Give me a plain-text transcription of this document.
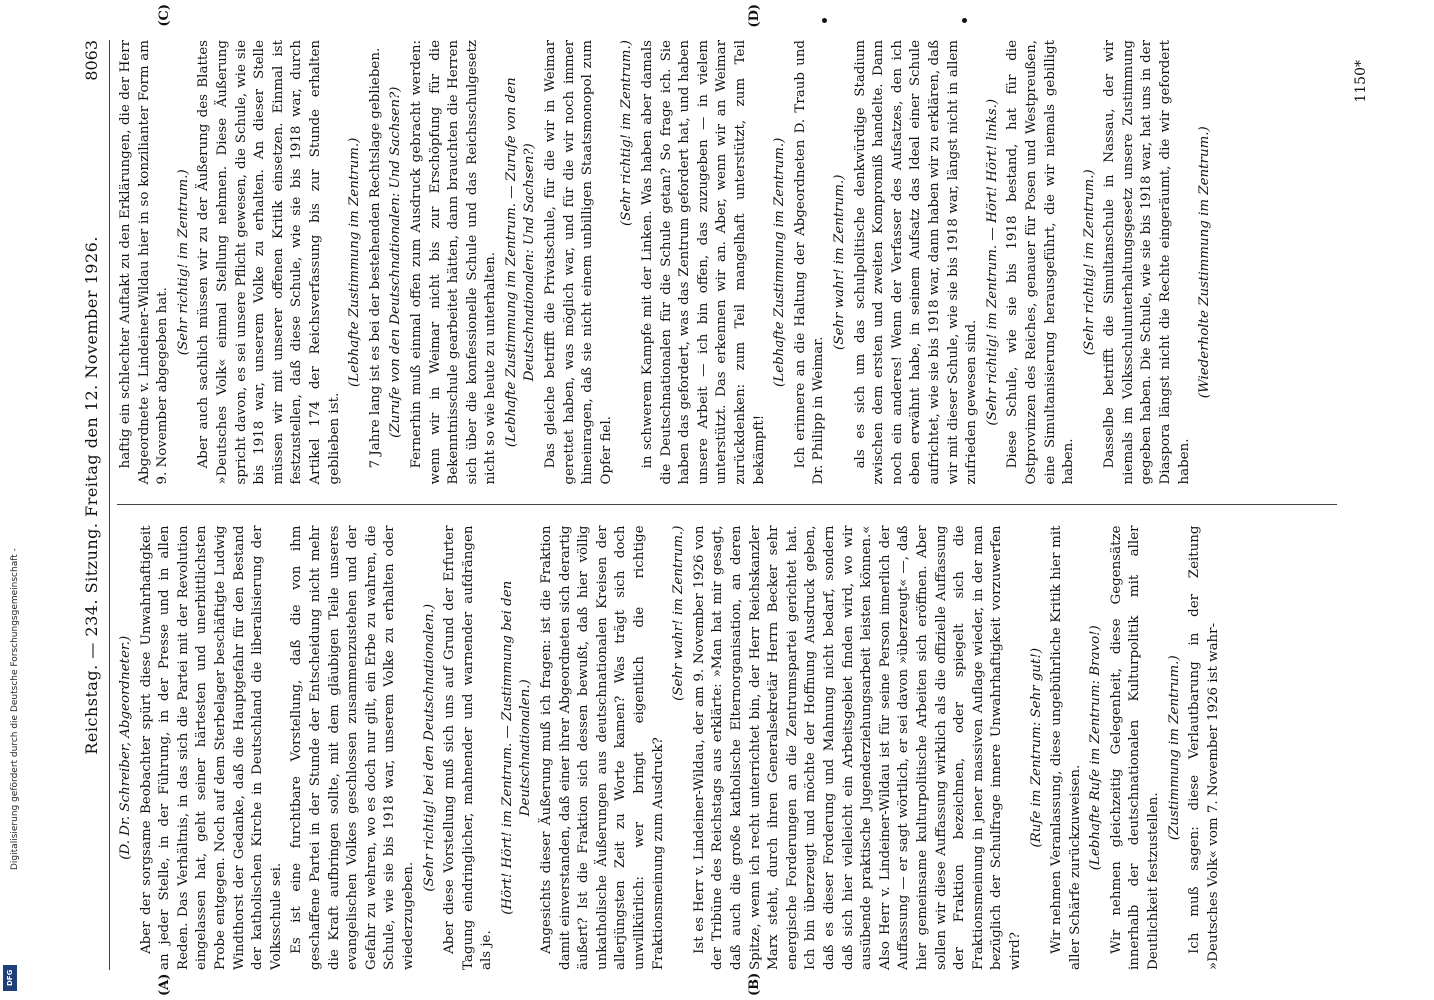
Digitalisierung gefördert durch die Deutsche Forschungsgemeinschaft -
DFG
Reichstag. — 234. Sitzung. Freitag den 12. November 1926.
8063

(D. Dr. Schreiber, Abgeordneter.) Aber der sorgsame Beobachter spürt diese Unwahrhaftigkeit an jeder Stelle, in der Führung, in der Presse und in allen Reden. Das Verhältnis, in das sich die Partei mit der Revolution eingelassen hat, geht seiner härtesten und unerbittlichsten Probe entgegen. Noch auf dem Sterbelager beschäftigte Ludwig Windthorst der Gedanke, daß die Hauptgefahr für den Bestand der katholischen Kirche in Deutschland die liberalisierung der Volksschule sei. Es ist eine furchtbare Vorstellung, daß die von ihm geschaffene Partei in der Stunde der Entscheidung nicht mehr die Kraft aufbringen sollte, mit dem gläubigen Teile unseres evangelischen Volkes geschlossen zusammenzustehen und der Gefahr zu wehren, wo es doch nur gilt, ein Erbe zu wahren, die Schule, wie sie bis 1918 war, unserem Volke zu erhalten oder wiederzugeben.

(Sehr richtig! bei den Deutschnationalen.) Aber diese Vorstellung muß sich uns auf Grund der Erfurter Tagung eindringlicher, mahnender und warnender aufdrängen als je.

(Hört! Hört! im Zentrum. — Zustimmung bei den Deutschnationalen.) Angesichts dieser Äußerung muß ich fragen: ist die Fraktion damit einverstanden, daß einer ihrer Abgeordneten sich derartig äußert? Ist die Fraktion sich dessen bewußt, daß hier völlig unkatholische Äußerungen aus deutschnationalen Kreisen der allerjüngsten Zeit zu Worte kamen? Was trägt sich doch unwillkürlich: wer bringt eigentlich die richtige Fraktionsmeinung zum Ausdruck?

(Sehr wahr! im Zentrum.) Ist es Herr v. Lindeiner-Wildau, der am 9. November 1926 von der Tribüne des Reichstags aus erklärte: »Man hat mir gesagt, daß auch die große katholische Elternorganisation, an deren Spitze, wenn ich recht unterrichtet bin, der Herr Reichskanzler Marx steht, durch ihren Generalsekretär Herrn Becker sehr energische Forderungen an die Zentrumspartei gerichtet hat. Ich bin überzeugt und möchte der Hoffnung Ausdruck geben, daß es dieser Forderung und Mahnung nicht bedarf, sondern daß sich hier vielleicht ein Arbeitsgebiet finden wird, wo wir ausübende praktische Jugenderziehungsarbeit leisten können.« Also Herr v. Lindeiner-Wildau ist für seine Person innerlich der Auffassung — er sagt wörtlich, er sei davon »überzeugt« —, daß hier gemeinsame kulturpolitische Arbeiten sich eröffnen. Aber sollen wir diese Auffassung wirklich als die offizielle Auffassung der Fraktion bezeichnen, oder spiegelt sich die Fraktionsmeinung in jener massiven Auflage wieder, in der man bezüglich der Schulfrage innere Unwahrhaftigkeit vorzuwerfen wird?

(Rufe im Zentrum: Sehr gut!) Wir nehmen Veranlassung, diese ungebührliche Kritik hier mit aller Schärfe zurückzuweisen. (Lebhafte Rufe im Zentrum: Bravo!) Wir nehmen gleichzeitig Gelegenheit, diese Gegensätze innerhalb der deutschnationalen Kulturpolitik mit aller Deutlichkeit festzustellen.

(Zustimmung im Zentrum.) Ich muß sagen: diese Verlautbarung in der Zeitung »Deutsches Volk« vom 7. November 1926 ist wahr-

haftig ein schlechter Auftakt zu den Erklärungen, die der Herr Abgeordnete v. Lindeiner-Wildau hier in so konzilianter Form am 9. November abgegeben hat.

(Sehr richtig! im Zentrum.) Aber auch sachlich müssen wir zu der Äußerung des Blattes »Deutsches Volk« einmal Stellung nehmen. Diese Äußerung spricht davon, es sei unsere Pflicht gewesen, die Schule, wie sie bis 1918 war, unserem Volke zu erhalten. An dieser Stelle müssen wir mit unserer offenen Kritik einsetzen. Einmal ist festzustellen, daß diese Schule, wie sie bis 1918 war, durch Artikel 174 der Reichsverfassung bis zur Stunde erhalten geblieben ist.

(Lebhafte Zustimmung im Zentrum.) 7 Jahre lang ist es bei der bestehenden Rechtslage geblieben. (Zurufe von den Deutschnationalen: Und Sachsen?) Fernerhin muß einmal offen zum Ausdruck gebracht werden: wenn wir in Weimar nicht bis zur Erschöpfung für die Bekenntnisschule gearbeitet hätten, dann brauchten die Herren sich über die konfessionelle Schule und das Reichsschulgesetz nicht so wie heute zu unterhalten. (Lebhafte Zustimmung im Zentrum. — Zurufe von den Deutschnationalen: Und Sachsen?) Das gleiche betrifft die Privatschule, für die wir in Weimar gerettet haben, was möglich war, und für die wir noch immer hineinragen, daß sie nicht einem unbilligen Staatsmonopol zum Opfer fiel.

(Sehr richtig! im Zentrum.) in schwerem Kampfe mit der Linken. Was haben aber damals die Deutschnationalen für die Schule getan? So frage ich. Sie haben das gefordert, was das Zentrum gefordert hat, und haben unsere Arbeit — ich bin offen, das zuzugeben — in vielem unterstützt. Das erkennen wir an. Aber, wenn wir an Weimar zurückdenken: zum Teil mangelhaft unterstützt, zum Teil bekämpft!

(Lebhafte Zustimmung im Zentrum.) Ich erinnere an die Haltung der Abgeordneten D. Traub und Dr. Philipp in Weimar.

(Sehr wahr! im Zentrum.) als es sich um das schulpolitische denkwürdige Stadium zwischen dem ersten und zweiten Kompromiß handelte. Dann noch ein anderes! Wenn der Verfasser des Aufsatzes, den ich eben erwähnt habe, in seinem Aufsatz das Ideal einer Schule aufrichtet, wie sie bis 1918 war, dann haben wir zu erklären, daß wir mit dieser Schule, wie sie bis 1918 war, längst nicht in allem zufrieden gewesen sind. (Sehr richtig! im Zentrum. — Hört! Hört! links.) Diese Schule, wie sie bis 1918 bestand, hat für die Ostprovinzen des Reiches, genauer für Posen und Westpreußen, eine Simultanisierung herausgeführt, die wir niemals gebilligt haben.

(Sehr richtig! im Zentrum.) Dasselbe betrifft die Simultanschule in Nassau, der wir niemals im Volksschulunterhaltungsgesetz unsere Zustimmung gegeben haben. Die Schule, wie sie bis 1918 war, hat uns in der Diaspora längst nicht die Rechte eingeräumt, die wir gefordert haben.

(Wiederholte Zustimmung im Zentrum.)

(A)	(B)
(C)	(D)
1150*
